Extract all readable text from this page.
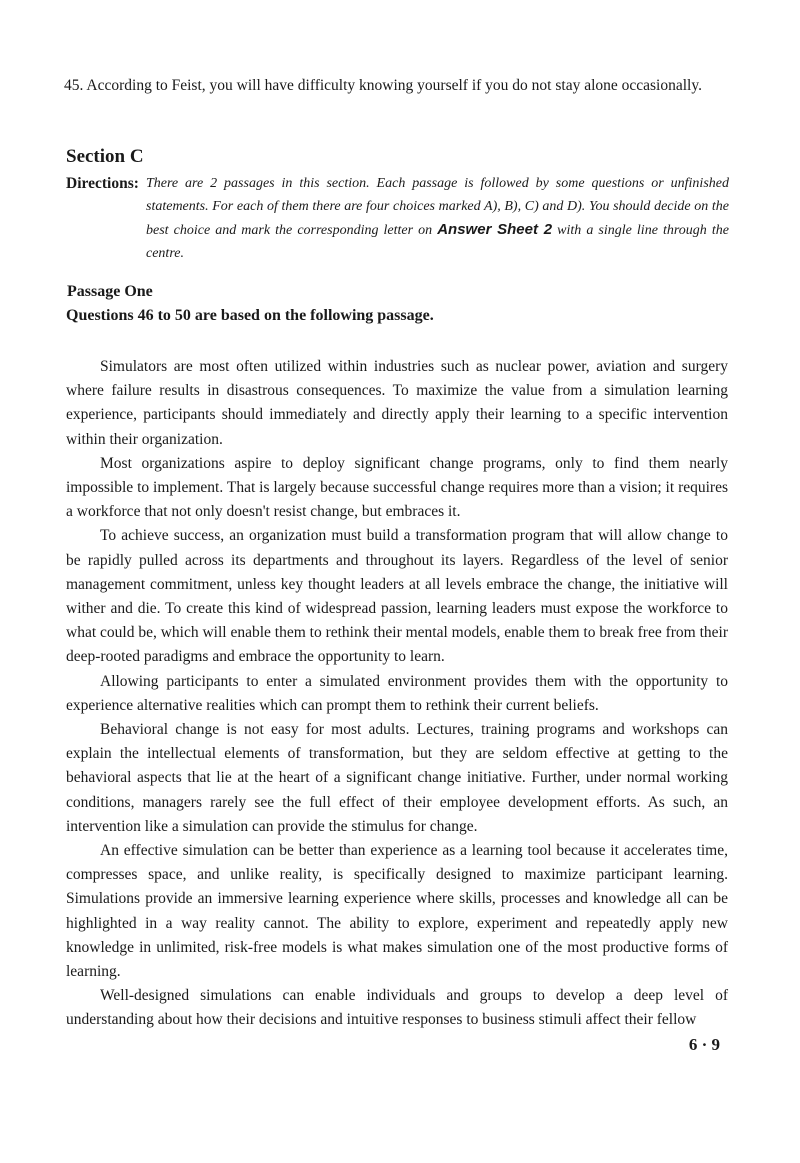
45. According to Feist, you will have difficulty knowing yourself if you do not stay alone occasionally.
Section C
Directions: There are 2 passages in this section. Each passage is followed by some questions or unfinished statements. For each of them there are four choices marked A), B), C) and D). You should decide on the best choice and mark the corresponding letter on Answer Sheet 2 with a single line through the centre.
Passage One
Questions 46 to 50 are based on the following passage.

Simulators are most often utilized within industries such as nuclear power, aviation and surgery where failure results in disastrous consequences. To maximize the value from a simulation learning experience, participants should immediately and directly apply their learning to a specific intervention within their organization.

Most organizations aspire to deploy significant change programs, only to find them nearly impossible to implement. That is largely because successful change requires more than a vision; it requires a workforce that not only doesn't resist change, but embraces it.

To achieve success, an organization must build a transformation program that will allow change to be rapidly pulled across its departments and throughout its layers. Regardless of the level of senior management commitment, unless key thought leaders at all levels embrace the change, the initiative will wither and die. To create this kind of widespread passion, learning leaders must expose the workforce to what could be, which will enable them to rethink their mental models, enable them to break free from their deep-rooted paradigms and embrace the opportunity to learn.

Allowing participants to enter a simulated environment provides them with the opportunity to experience alternative realities which can prompt them to rethink their current beliefs.

Behavioral change is not easy for most adults. Lectures, training programs and workshops can explain the intellectual elements of transformation, but they are seldom effective at getting to the behavioral aspects that lie at the heart of a significant change initiative. Further, under normal working conditions, managers rarely see the full effect of their employee development efforts. As such, an intervention like a simulation can provide the stimulus for change.

An effective simulation can be better than experience as a learning tool because it accelerates time, compresses space, and unlike reality, is specifically designed to maximize participant learning. Simulations provide an immersive learning experience where skills, processes and knowledge all can be highlighted in a way reality cannot. The ability to explore, experiment and repeatedly apply new knowledge in unlimited, risk-free models is what makes simulation one of the most productive forms of learning.

Well-designed simulations can enable individuals and groups to develop a deep level of understanding about how their decisions and intuitive responses to business stimuli affect their fellow

6 · 9
